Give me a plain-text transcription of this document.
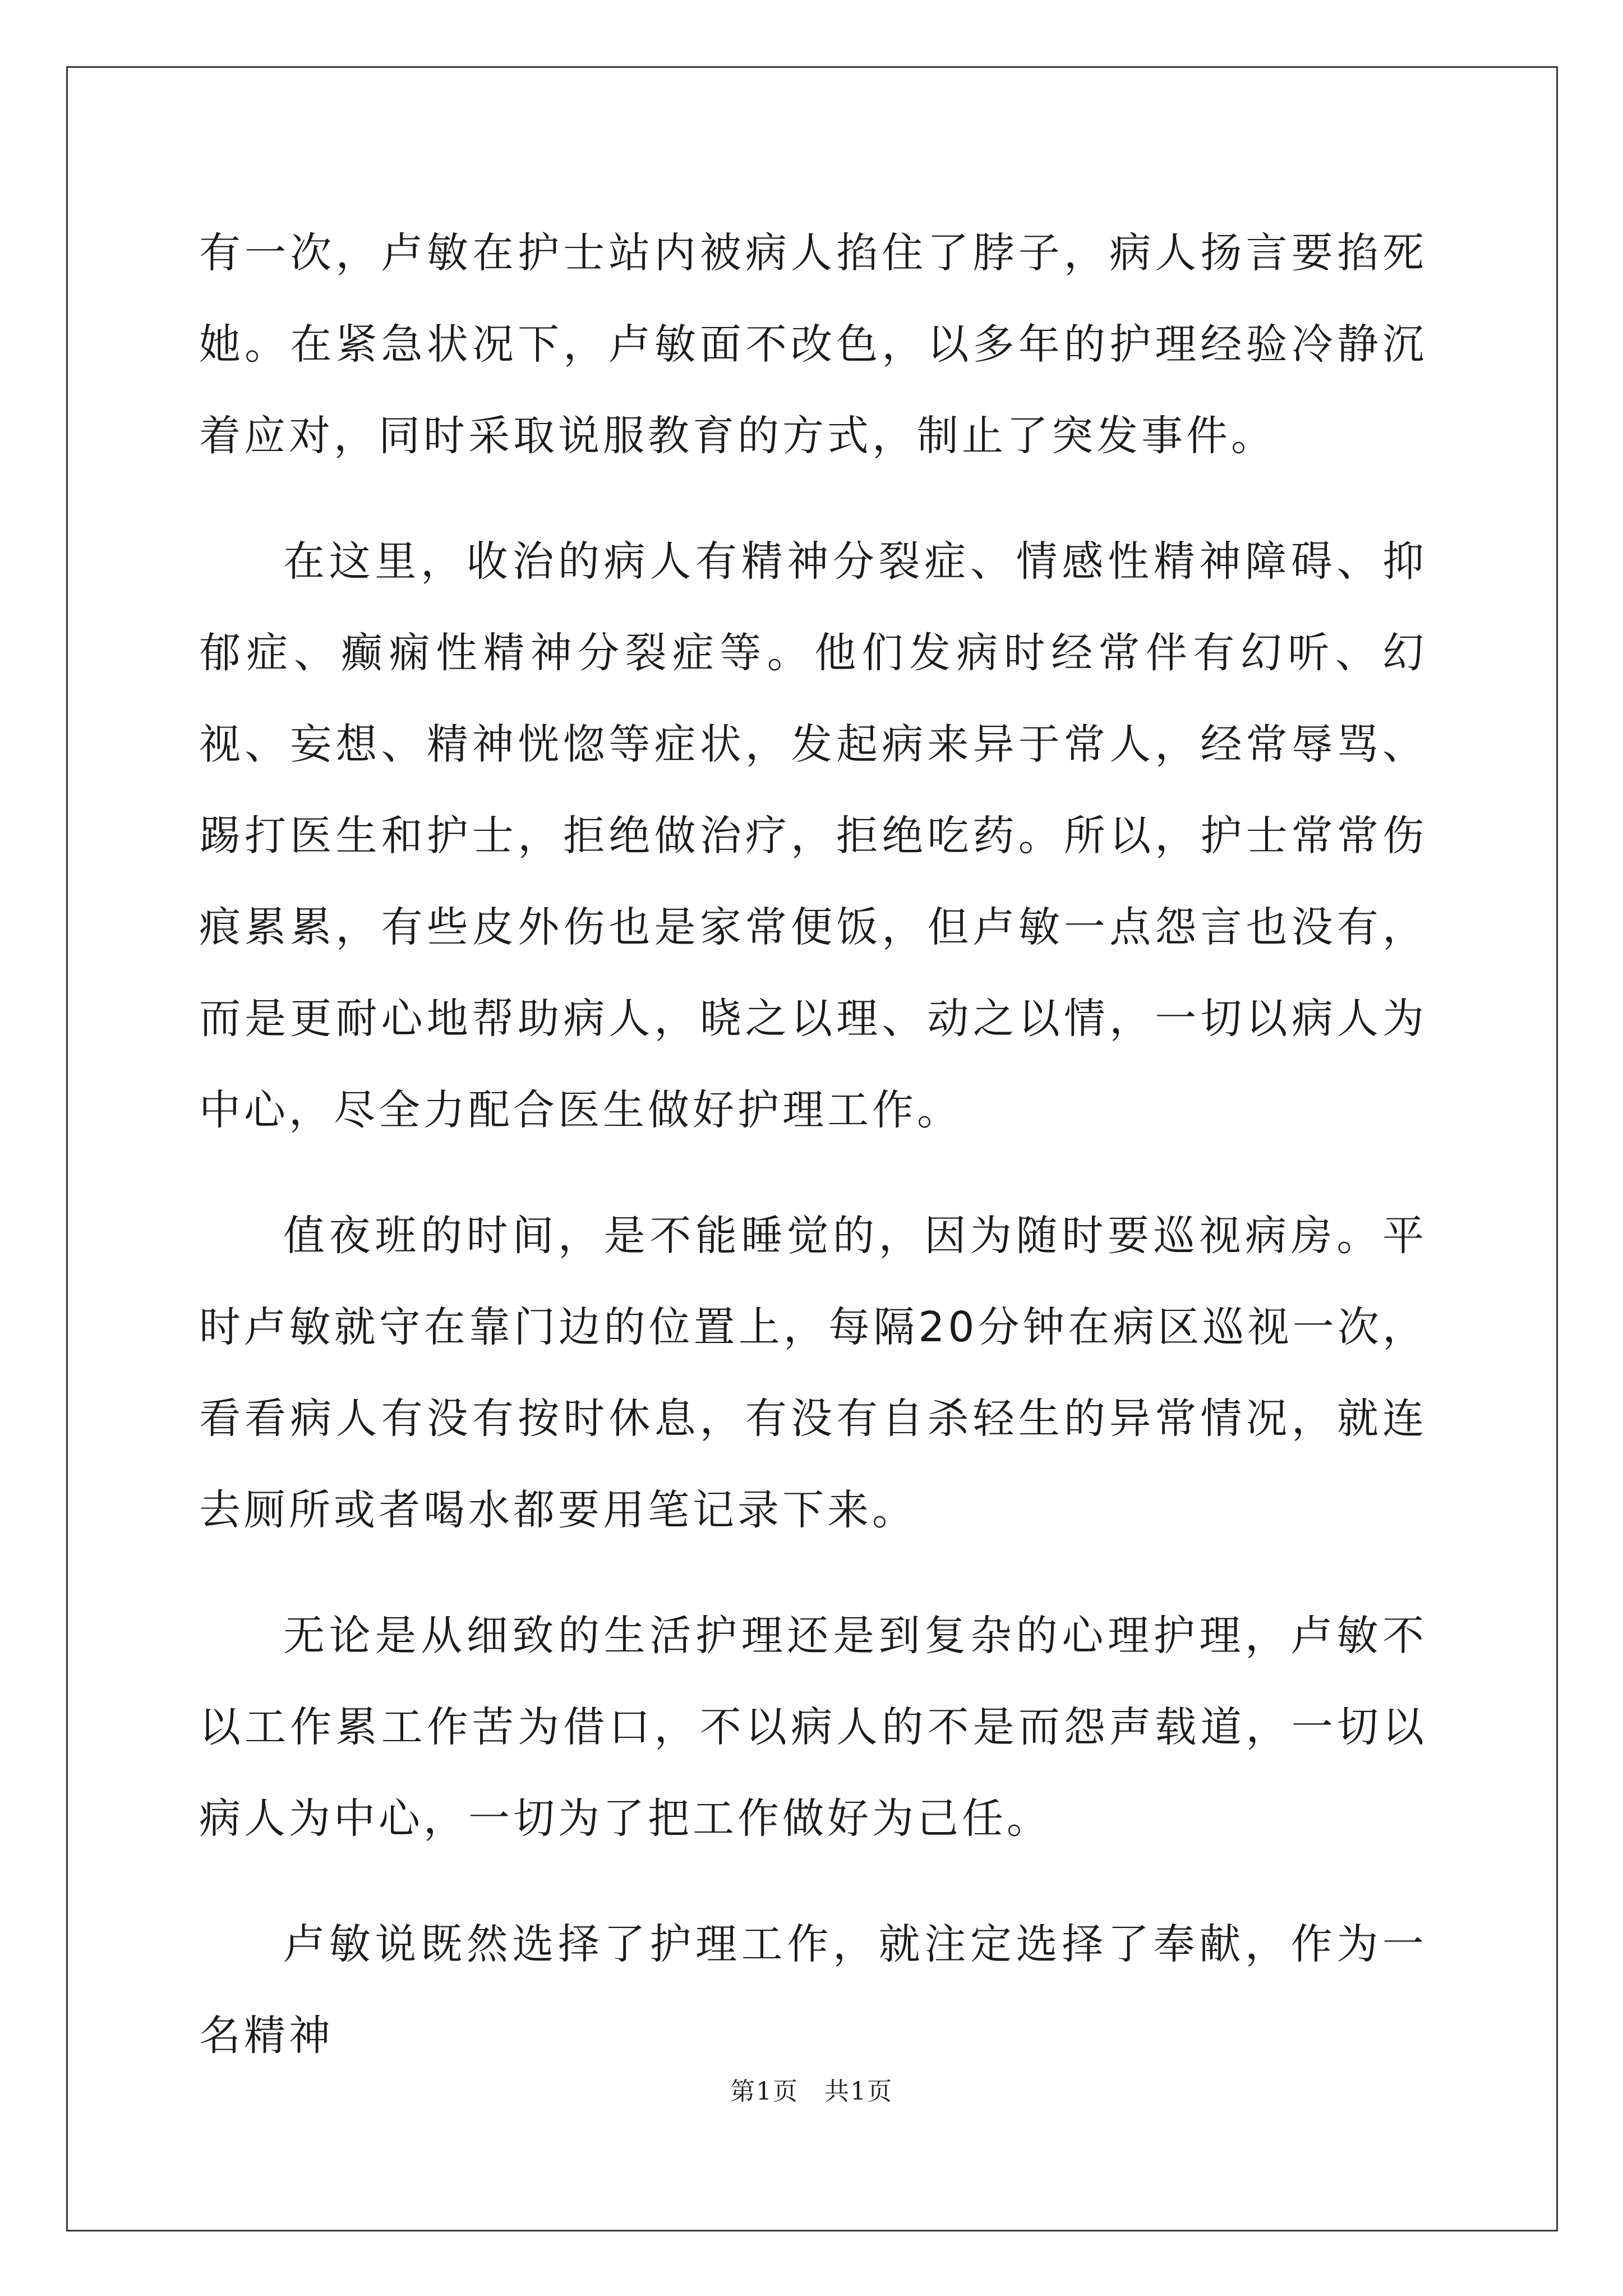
有一次，卢敏在护士站内被病人掐住了脖子，病人扬言要掐死她。在紧急状况下，卢敏面不改色，以多年的护理经验冷静沉着应对，同时采取说服教育的方式，制止了突发事件。

在这里，收治的病人有精神分裂症、情感性精神障碍、抑郁症、癫痫性精神分裂症等。他们发病时经常伴有幻听、幻视、妄想、精神恍惚等症状，发起病来异于常人，经常辱骂、踢打医生和护士，拒绝做治疗，拒绝吃药。所以，护士常常伤痕累累，有些皮外伤也是家常便饭，但卢敏一点怨言也没有，而是更耐心地帮助病人，晓之以理、动之以情，一切以病人为中心，尽全力配合医生做好护理工作。

值夜班的时间，是不能睡觉的，因为随时要巡视病房。平时卢敏就守在靠门边的位置上，每隔20分钟在病区巡视一次，看看病人有没有按时休息，有没有自杀轻生的异常情况，就连去厕所或者喝水都要用笔记录下来。

无论是从细致的生活护理还是到复杂的心理护理，卢敏不以工作累工作苦为借口，不以病人的不是而怨声载道，一切以病人为中心，一切为了把工作做好为己任。

卢敏说既然选择了护理工作，就注定选择了奉献，作为一名精神

第1页　共1页
